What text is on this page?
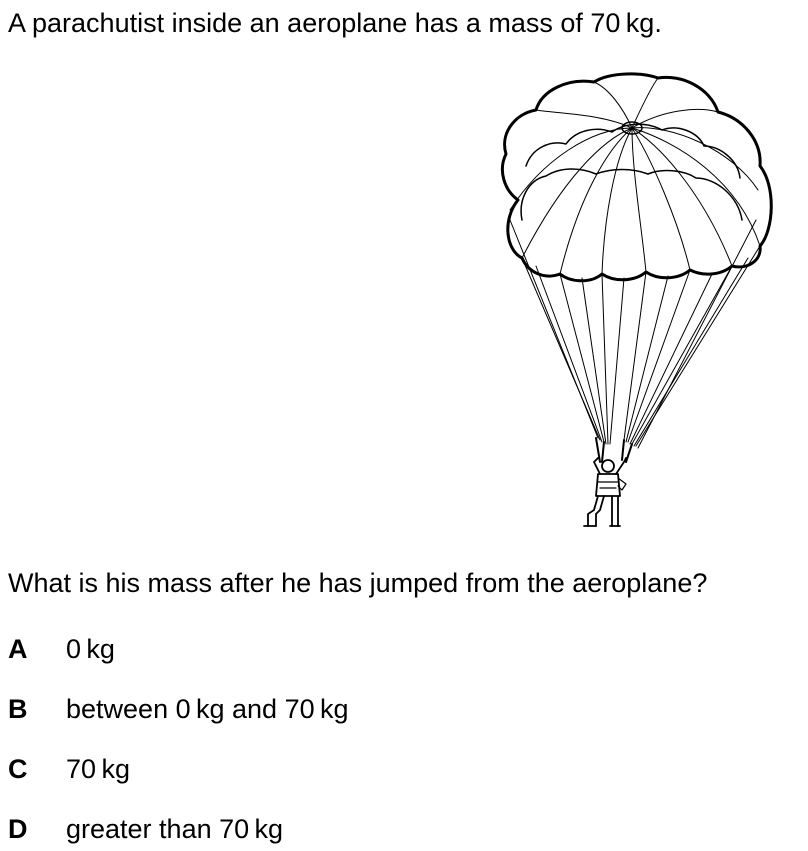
A parachutist inside an aeroplane has a mass of 70 kg.

What is his mass after he has jumped from the aeroplane?

A 0 kg
B between 0 kg and 70 kg
C 70 kg
D greater than 70 kg
